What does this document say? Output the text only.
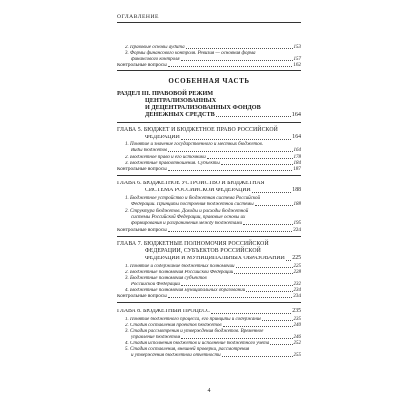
ОГЛАВЛЕНИЕ
2. Правовые основы аудита	153
3. Формы финансового контроля. Ревизия — основная форма
финансового контроля	157
Контрольные вопросы	162
ОСОБЕННАЯ ЧАСТЬ
РАЗДЕЛ III. ПРАВОВОЙ РЕЖИМ
ЦЕНТРАЛИЗОВАННЫХ
И ДЕЦЕНТРАЛИЗОВАННЫХ ФОНДОВ
ДЕНЕЖНЫХ СРЕДСТВ	164
ГЛАВА 5. БЮДЖЕТ И БЮДЖЕТНОЕ ПРАВО РОССИЙСКОЙ
ФЕДЕРАЦИИ	164
1. Понятие и значение государственного и местных бюджетов.
Виды бюджетов	164
2. Бюджетное право и его источники	178
3. Бюджетные правоотношения. Субъекты	184
Контрольные вопросы	187
ГЛАВА 6. БЮДЖЕТНОЕ УСТРОЙСТВО И БЮДЖЕТНАЯ
СИСТЕМА РОССИЙСКОЙ ФЕДЕРАЦИИ	188
1. Бюджетное устройство и бюджетная система Российской
Федерации. Принципы построения бюджетной системы	188
2. Структура бюджетов. Доходы и расходы бюджетной
системы Российской Федерации, правовые основы их
формирования и разграничения между бюджетами	195
Контрольные вопросы	224
ГЛАВА 7. БЮДЖЕТНЫЕ ПОЛНОМОЧИЯ РОССИЙСКОЙ
ФЕДЕРАЦИИ, СУБЪЕКТОВ РОССИЙСКОЙ
ФЕДЕРАЦИИ И МУНИЦИПАЛЬНЫХ ОБРАЗОВАНИЙ 225
1. Понятие и содержание бюджетных полномочий	225
2. Бюджетные полномочия Российской Федерации	228
3. Бюджетные полномочия субъектов
Российской Федерации	232
4. Бюджетные полномочия муниципальных образований	234
Контрольные вопросы	234
ГЛАВА 8. БЮДЖЕТНЫЙ ПРОЦЕСС	235
1. Понятие бюджетного процесса, его принципы и содержание	235
2. Стадия составления проектов бюджетов	240
3. Стадия рассмотрения и утверждения бюджетов. Временное
управление бюджетом	246
4. Стадия исполнения бюджетов и исполнение бюджетного учета	252
5. Стадия составления, внешней проверки, рассмотрения
и утверждения бюджетной отчетности	255
4
